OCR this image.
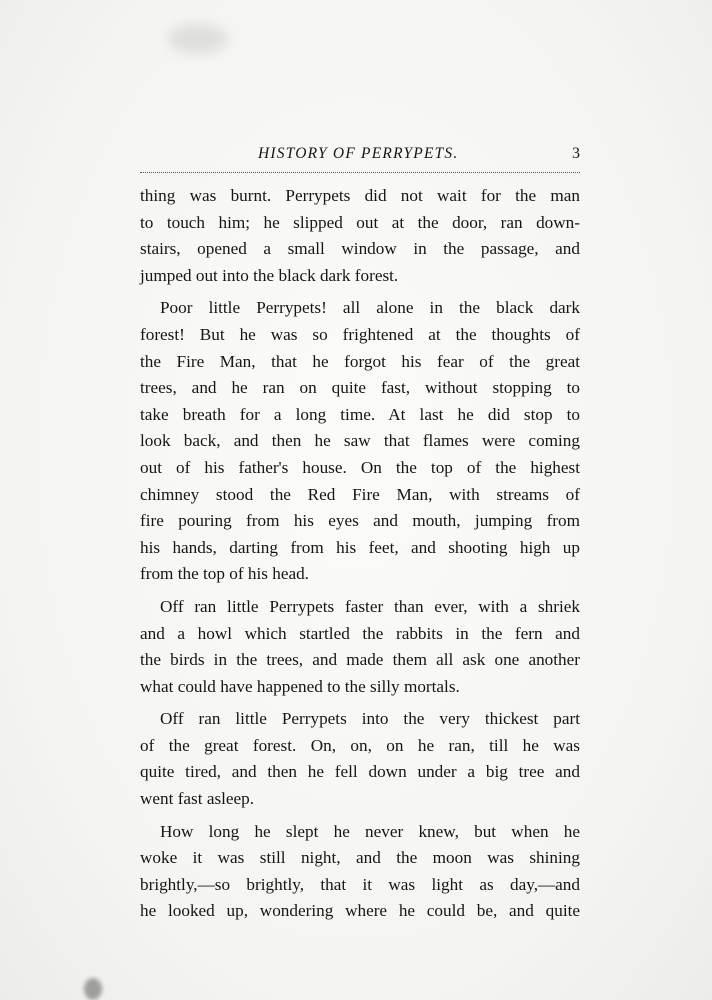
HISTORY OF PERRYPETS.	3
thing was burnt. Perrypets did not wait for the man
to touch him; he slipped out at the door, ran down-
stairs, opened a small window in the passage, and
jumped out into the black dark forest.
Poor little Perrypets! all alone in the black dark
forest! But he was so frightened at the thoughts of
the Fire Man, that he forgot his fear of the great
trees, and he ran on quite fast, without stopping to
take breath for a long time. At last he did stop to
look back, and then he saw that flames were coming
out of his father's house. On the top of the highest
chimney stood the Red Fire Man, with streams of
fire pouring from his eyes and mouth, jumping from
his hands, darting from his feet, and shooting high up
from the top of his head.
Off ran little Perrypets faster than ever, with a shriek
and a howl which startled the rabbits in the fern and
the birds in the trees, and made them all ask one another
what could have happened to the silly mortals.
Off ran little Perrypets into the very thickest part
of the great forest. On, on, on he ran, till he was
quite tired, and then he fell down under a big tree and
went fast asleep.
How long he slept he never knew, but when he
woke it was still night, and the moon was shining
brightly,—so brightly, that it was light as day,—and
he looked up, wondering where he could be, and quite
